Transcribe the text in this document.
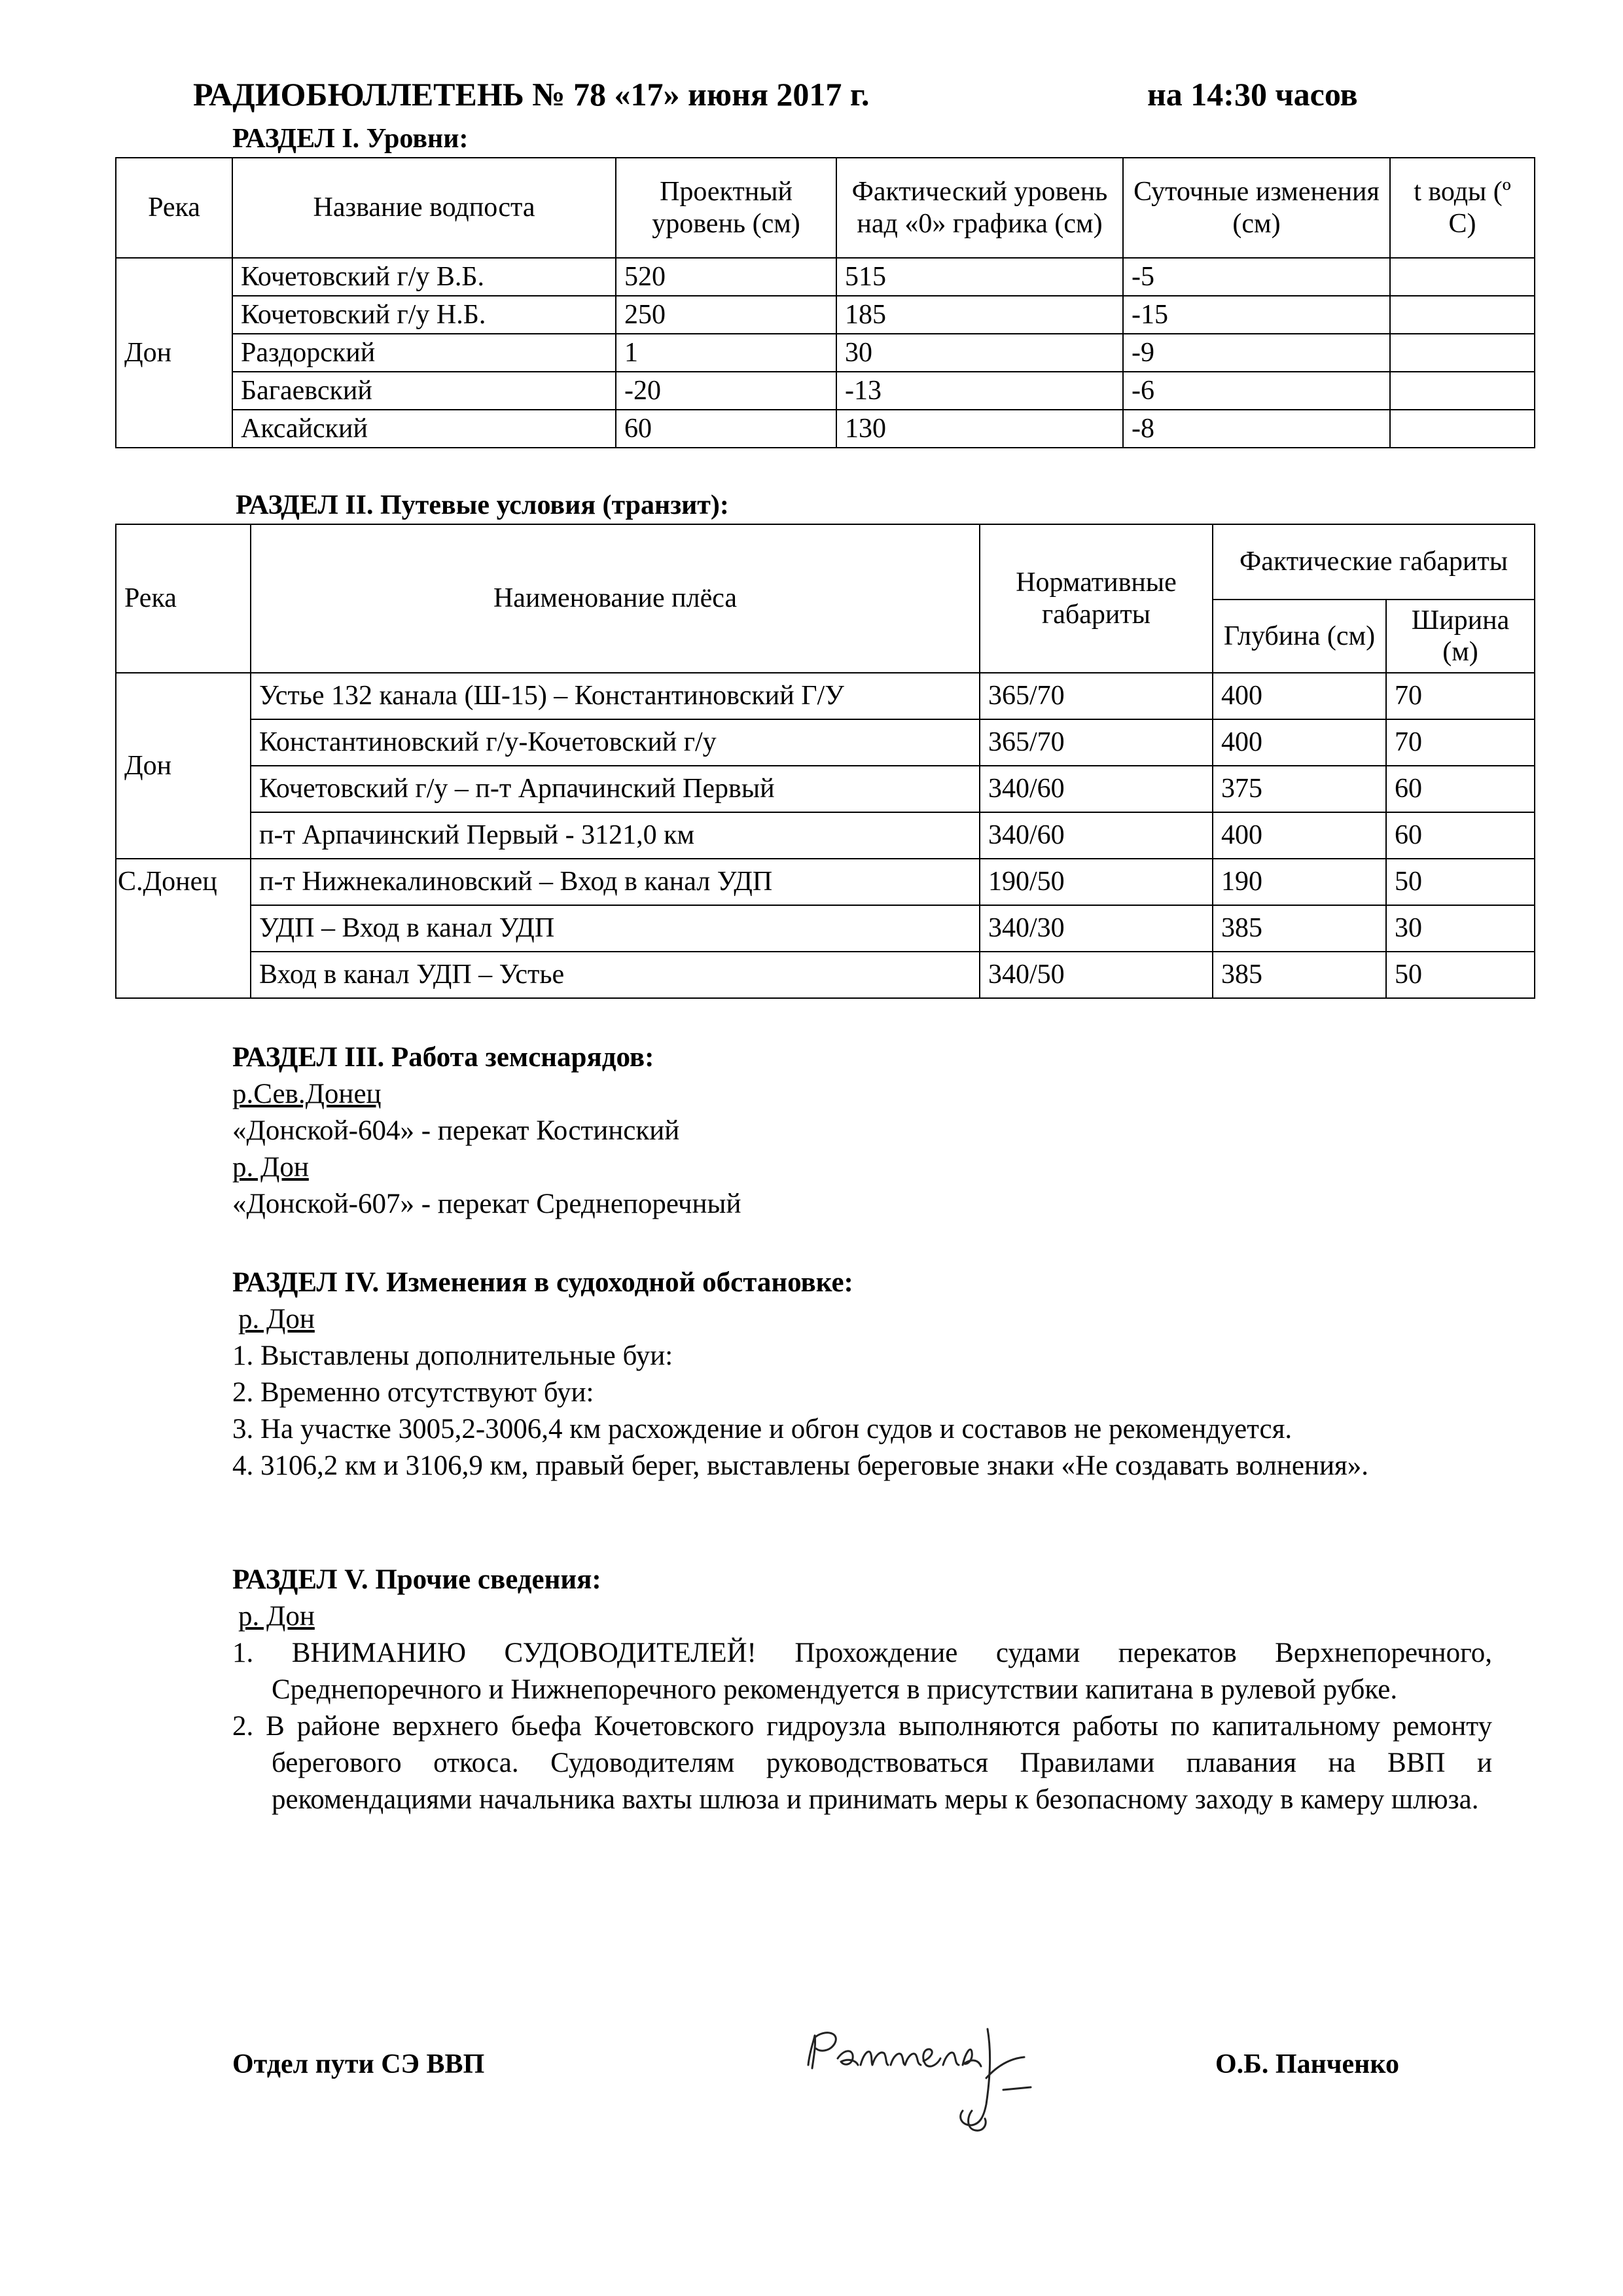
РАДИОБЮЛЛЕТЕНЬ № 78 «17» июня 2017 г.	на 14:30 часов
РАЗДЕЛ I. Уровни:
Река	Название водпоста	Проектный уровень (см)	Фактический уровень над «0» графика (см)	Суточные изменения (см)	t воды (º С)
Дон	Кочетовский г/у В.Б.	520	515	-5	
	Кочетовский г/у Н.Б.	250	185	-15	
	Раздорский	1	30	-9	
	Багаевский	-20	-13	-6	
	Аксайский	60	130	-8	
РАЗДЕЛ II. Путевые условия (транзит):
Река	Наименование плёса	Нормативные габариты	Фактические габариты	
			Глубина (см)	Ширина (м)
Дон	Устье 132 канала (Ш-15) – Константиновский Г/У	365/70	400	70
	Константиновский г/у-Кочетовский г/у	365/70	400	70
	Кочетовский г/у – п-т Арпачинский Первый	340/60	375	60
	п-т Арпачинский Первый - 3121,0 км	340/60	400	60
С.Донец	п-т Нижнекалиновский – Вход в канал УДП	190/50	190	50
	УДП – Вход в канал УДП	340/30	385	30
	Вход в канал УДП – Устье	340/50	385	50
РАЗДЕЛ III. Работа земснарядов:
р.Сев.Донец
«Донской-604» - перекат Костинский
р. Дон
«Донской-607» - перекат Среднепоречный
РАЗДЕЛ IV. Изменения в судоходной обстановке:
р. Дон
1. Выставлены дополнительные буи:
2. Временно отсутствуют буи:
3. На участке 3005,2-3006,4 км расхождение и обгон судов и составов не рекомендуется.
4. 3106,2 км и 3106,9 км, правый берег, выставлены береговые знаки «Не создавать волнения».
РАЗДЕЛ V. Прочие сведения:
р. Дон
1. ВНИМАНИЮ СУДОВОДИТЕЛЕЙ! Прохождение судами перекатов Верхнепоречного, Среднепоречного и Нижнепоречного рекомендуется в присутствии капитана в рулевой рубке.
2. В районе верхнего бьефа Кочетовского гидроузла выполняются работы по капитальному ремонту берегового откоса. Судоводителям руководствоваться Правилами плавания на ВВП и рекомендациями начальника вахты шлюза и принимать меры к безопасному заходу в камеру шлюза.
Отдел пути СЭ ВВП	О.Б. Панченко
